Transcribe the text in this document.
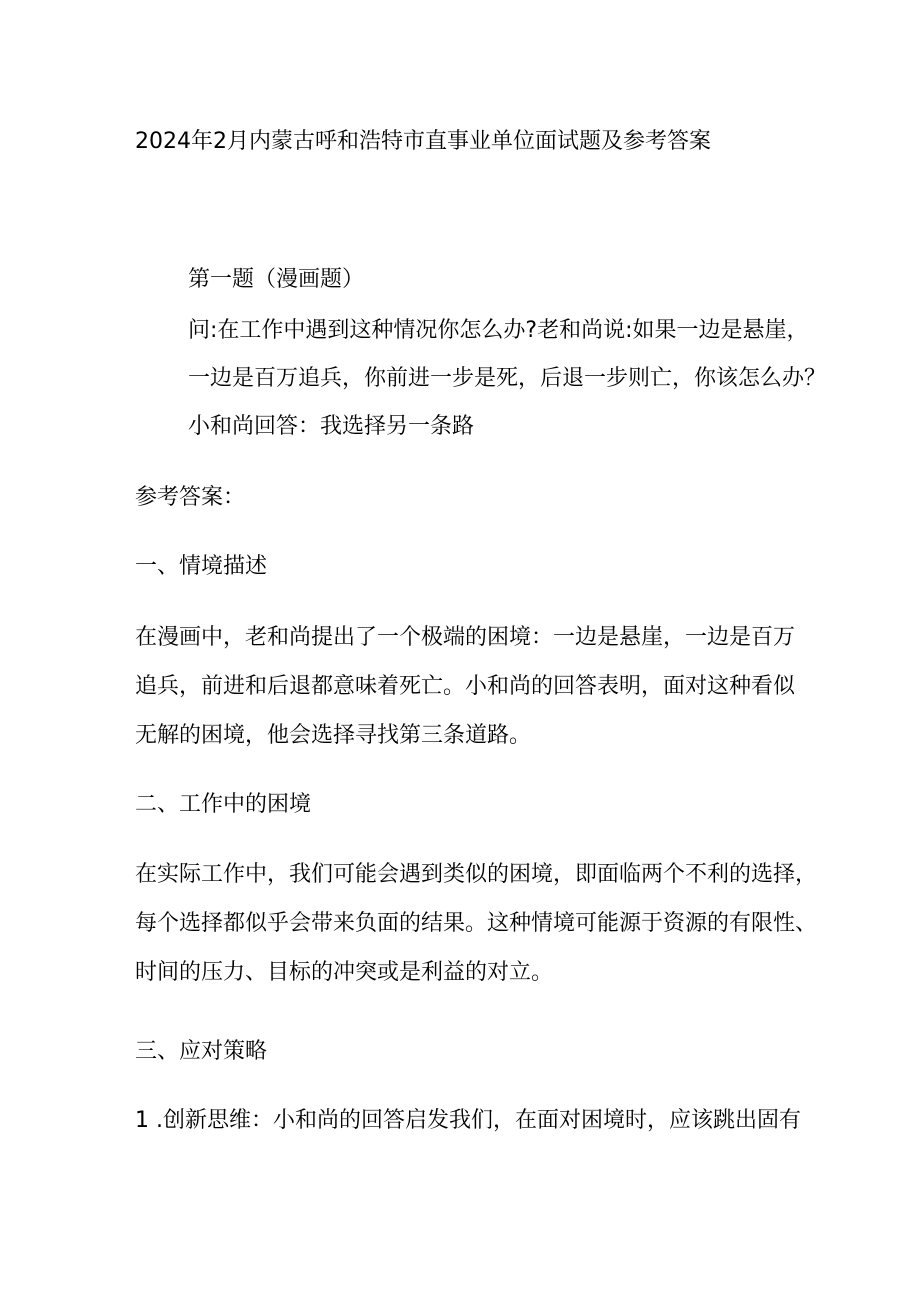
2024年2月内蒙古呼和浩特市直事业单位面试题及参考答案

第一题（漫画题）

问:在工作中遇到这种情况你怎么办?老和尚说:如果一边是悬崖，

一边是百万追兵，你前进一步是死，后退一步则亡，你该怎么办？

小和尚回答：我选择另一条路

参考答案：

一、情境描述

在漫画中，老和尚提出了一个极端的困境：一边是悬崖，一边是百万

追兵，前进和后退都意味着死亡。小和尚的回答表明，面对这种看似

无解的困境，他会选择寻找第三条道路。

二、工作中的困境

在实际工作中，我们可能会遇到类似的困境，即面临两个不利的选择，

每个选择都似乎会带来负面的结果。这种情境可能源于资源的有限性、

时间的压力、目标的冲突或是利益的对立。

三、应对策略

1 .创新思维：小和尚的回答启发我们，在面对困境时，应该跳出固有
